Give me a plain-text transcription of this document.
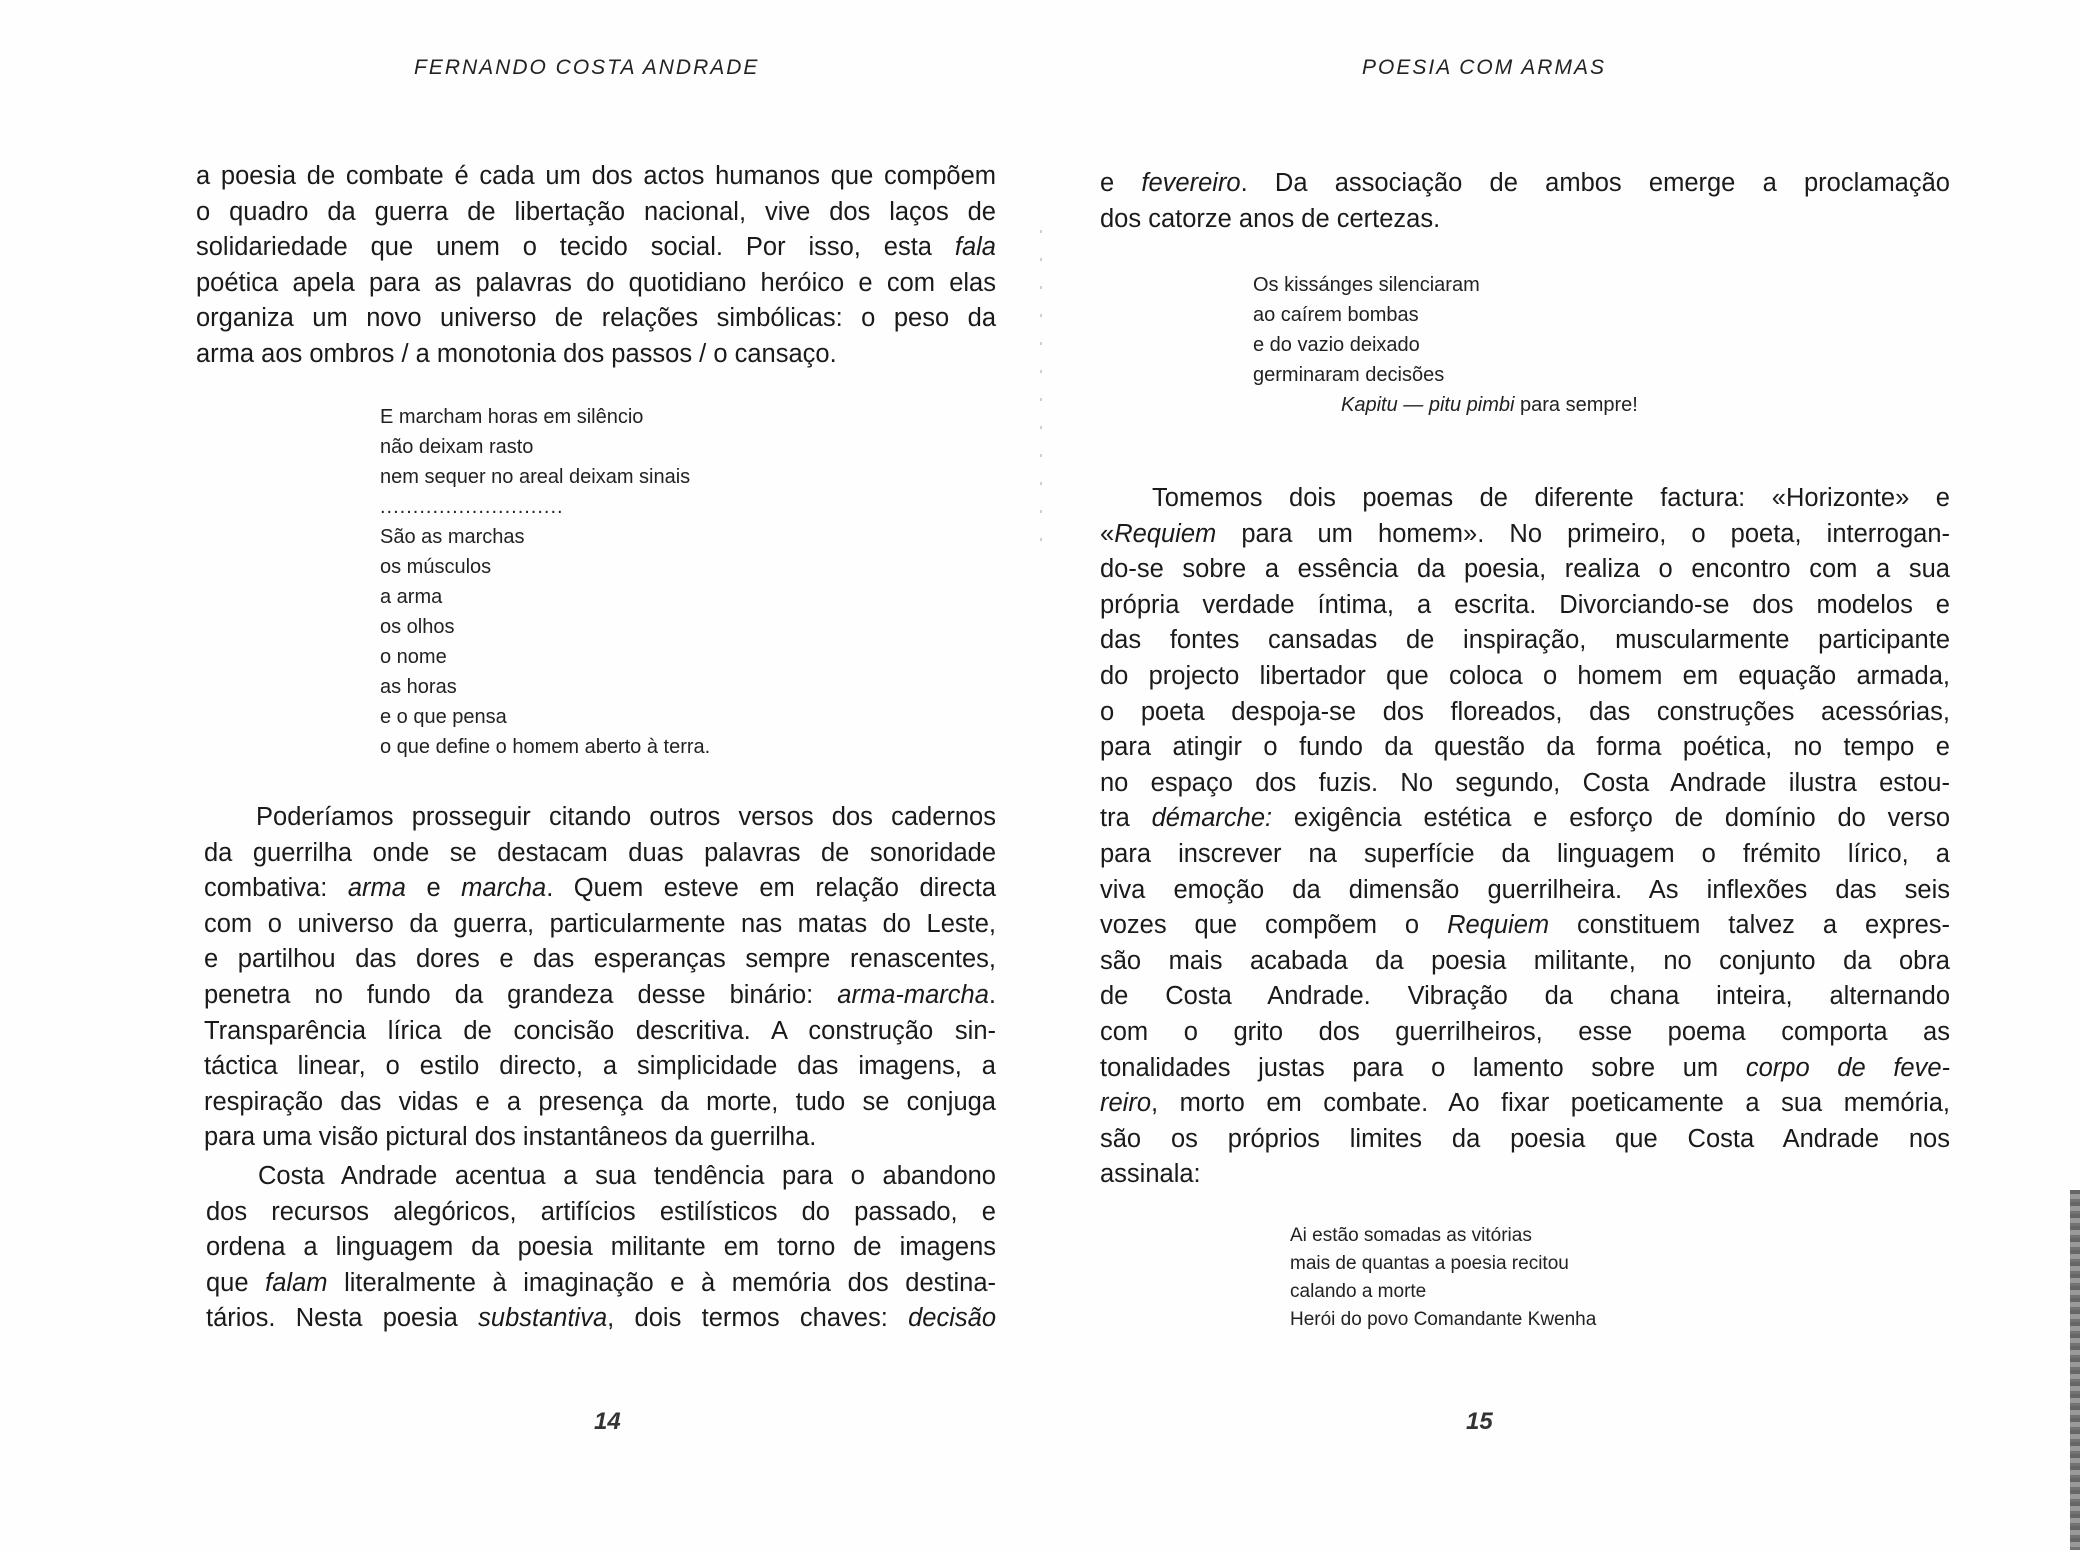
FERNANDO COSTA ANDRADE
a poesia de combate é cada um dos actos humanos que compõem
o quadro da guerra de libertação nacional, vive dos laços de
solidariedade que unem o tecido social. Por isso, esta fala
poética apela para as palavras do quotidiano heróico e com elas
organiza um novo universo de relações simbólicas: o peso da
arma aos ombros / a monotonia dos passos / o cansaço.
E marcham horas em silêncio
não deixam rasto
nem sequer no areal deixam sinais
............................
São as marchas
os músculos
a arma
os olhos
o nome
as horas
e o que pensa
o que define o homem aberto à terra.
Poderíamos prosseguir citando outros versos dos cadernos
da guerrilha onde se destacam duas palavras de sonoridade
combativa: arma e marcha. Quem esteve em relação directa
com o universo da guerra, particularmente nas matas do Leste,
e partilhou das dores e das esperanças sempre renascentes,
penetra no fundo da grandeza desse binário: arma-marcha.
Transparência lírica de concisão descritiva. A construção sin-
táctica linear, o estilo directo, a simplicidade das imagens, a
respiração das vidas e a presença da morte, tudo se conjuga
para uma visão pictural dos instantâneos da guerrilha.
Costa Andrade acentua a sua tendência para o abandono
dos recursos alegóricos, artifícios estilísticos do passado, e
ordena a linguagem da poesia militante em torno de imagens
que falam literalmente à imaginação e à memória dos destina-
tários. Nesta poesia substantiva, dois termos chaves: decisão
14
POESIA COM ARMAS
e fevereiro. Da associação de ambos emerge a proclamação
dos catorze anos de certezas.
Os kissánges silenciaram
ao caírem bombas
e do vazio deixado
germinaram decisões
Kapitu — pitu pimbi para sempre!
Tomemos dois poemas de diferente factura: «Horizonte» e
«Requiem para um homem». No primeiro, o poeta, interrogan-
do-se sobre a essência da poesia, realiza o encontro com a sua
própria verdade íntima, a escrita. Divorciando-se dos modelos e
das fontes cansadas de inspiração, muscularmente participante
do projecto libertador que coloca o homem em equação armada,
o poeta despoja-se dos floreados, das construções acessórias,
para atingir o fundo da questão da forma poética, no tempo e
no espaço dos fuzis. No segundo, Costa Andrade ilustra estou-
tra démarche: exigência estética e esforço de domínio do verso
para inscrever na superfície da linguagem o frémito lírico, a
viva emoção da dimensão guerrilheira. As inflexões das seis
vozes que compõem o Requiem constituem talvez a expres-
são mais acabada da poesia militante, no conjunto da obra
de Costa Andrade. Vibração da chana inteira, alternando
com o grito dos guerrilheiros, esse poema comporta as
tonalidades justas para o lamento sobre um corpo de feve-
reiro, morto em combate. Ao fixar poeticamente a sua memória,
são os próprios limites da poesia que Costa Andrade nos
assinala:
Ai estão somadas as vitórias
mais de quantas a poesia recitou
calando a morte
Herói do povo Comandante Kwenha
15
